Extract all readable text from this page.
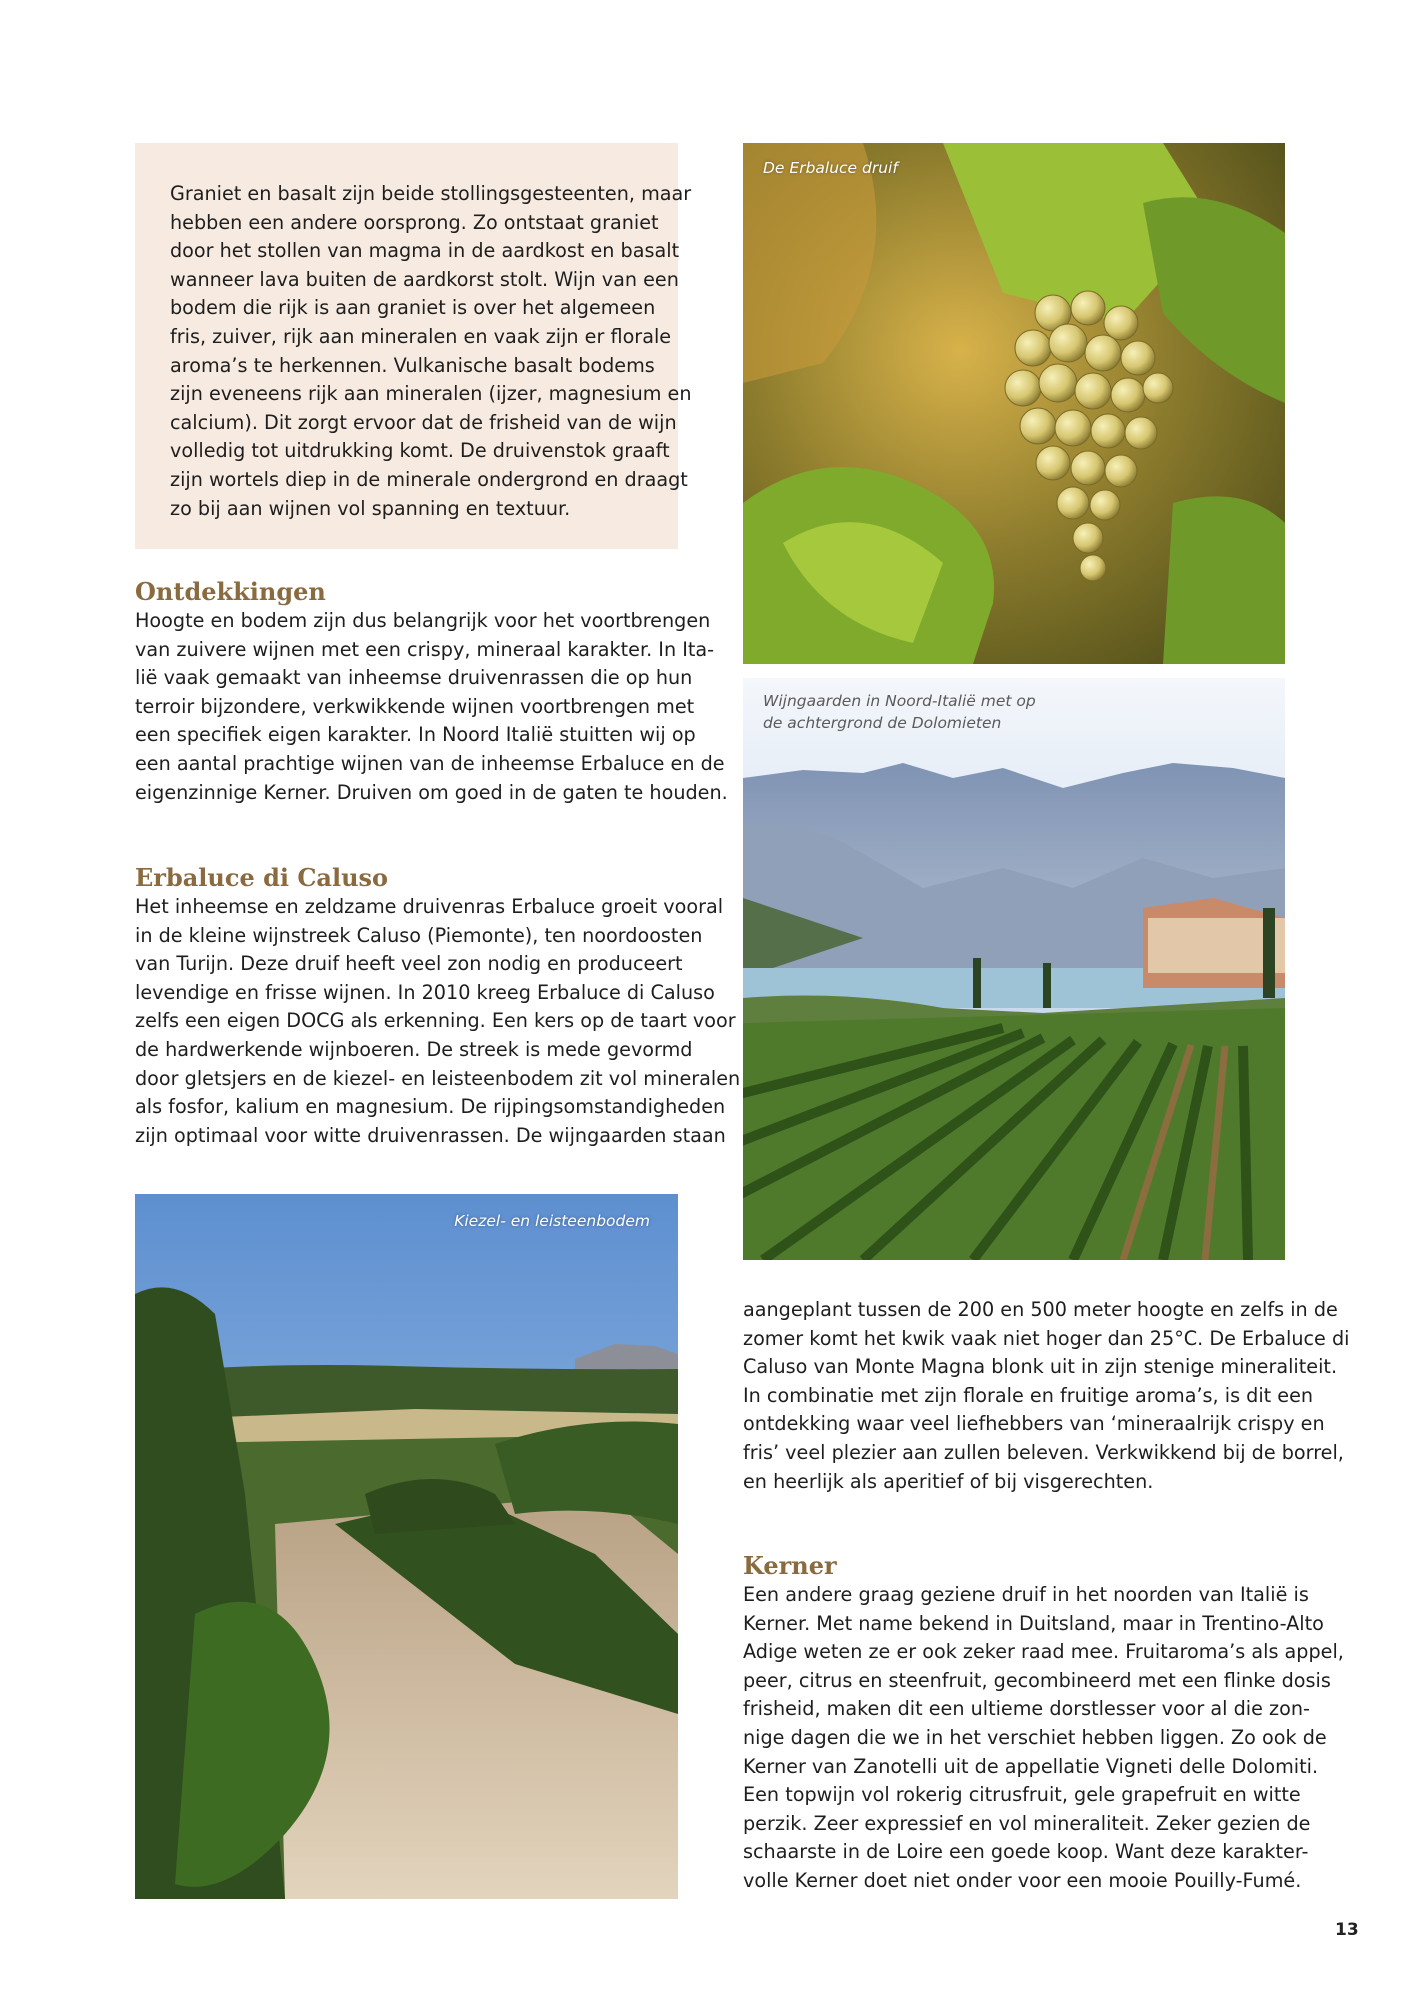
Graniet en basalt zijn beide stollingsgesteenten, maar
hebben een andere oorsprong. Zo ontstaat graniet
door het stollen van magma in de aardkost en basalt
wanneer lava buiten de aardkorst stolt. Wijn van een
bodem die rijk is aan graniet is over het algemeen
fris, zuiver, rijk aan mineralen en vaak zijn er florale
aroma’s te herkennen. Vulkanische basalt bodems
zijn eveneens rijk aan mineralen (ijzer, magnesium en
calcium). Dit zorgt ervoor dat de frisheid van de wijn
volledig tot uitdrukking komt. De druivenstok graaft
zijn wortels diep in de minerale ondergrond en draagt
zo bij aan wijnen vol spanning en textuur.
Ontdekkingen
Hoogte en bodem zijn dus belangrijk voor het voortbrengen
van zuivere wijnen met een crispy, mineraal karakter. In Ita-
lië vaak gemaakt van inheemse druivenrassen die op hun
terroir bijzondere, verkwikkende wijnen voortbrengen met
een specifiek eigen karakter. In Noord Italië stuitten wij op
een aantal prachtige wijnen van de inheemse Erbaluce en de
eigenzinnige Kerner. Druiven om goed in de gaten te houden.
Erbaluce di Caluso
Het inheemse en zeldzame druivenras Erbaluce groeit vooral
in de kleine wijnstreek Caluso (Piemonte), ten noordoosten
van Turijn. Deze druif heeft veel zon nodig en produceert
levendige en frisse wijnen. In 2010 kreeg Erbaluce di Caluso
zelfs een eigen DOCG als erkenning. Een kers op de taart voor
de hardwerkende wijnboeren. De streek is mede gevormd
door gletsjers en de kiezel- en leisteenbodem zit vol mineralen
als fosfor, kalium en magnesium. De rijpingsomstandigheden
zijn optimaal voor witte druivenrassen. De wijngaarden staan
Kiezel- en leisteenbodem
De Erbaluce druif
Wijngaarden in Noord-Italië met op
de achtergrond de Dolomieten
aangeplant tussen de 200 en 500 meter hoogte en zelfs in de
zomer komt het kwik vaak niet hoger dan 25°C. De Erbaluce di
Caluso van Monte Magna blonk uit in zijn stenige mineraliteit.
In combinatie met zijn florale en fruitige aroma’s, is dit een
ontdekking waar veel liefhebbers van ‘mineraalrijk crispy en
fris’ veel plezier aan zullen beleven. Verkwikkend bij de borrel,
en heerlijk als aperitief of bij visgerechten.
Kerner
Een andere graag geziene druif in het noorden van Italië is
Kerner. Met name bekend in Duitsland, maar in Trentino-Alto
Adige weten ze er ook zeker raad mee. Fruitaroma’s als appel,
peer, citrus en steenfruit, gecombineerd met een flinke dosis
frisheid, maken dit een ultieme dorstlesser voor al die zon-
nige dagen die we in het verschiet hebben liggen. Zo ook de
Kerner van Zanotelli uit de appellatie Vigneti delle Dolomiti.
Een topwijn vol rokerig citrusfruit, gele grapefruit en witte
perzik. Zeer expressief en vol mineraliteit. Zeker gezien de
schaarste in de Loire een goede koop. Want deze karakter-
volle Kerner doet niet onder voor een mooie Pouilly-Fumé.
13
